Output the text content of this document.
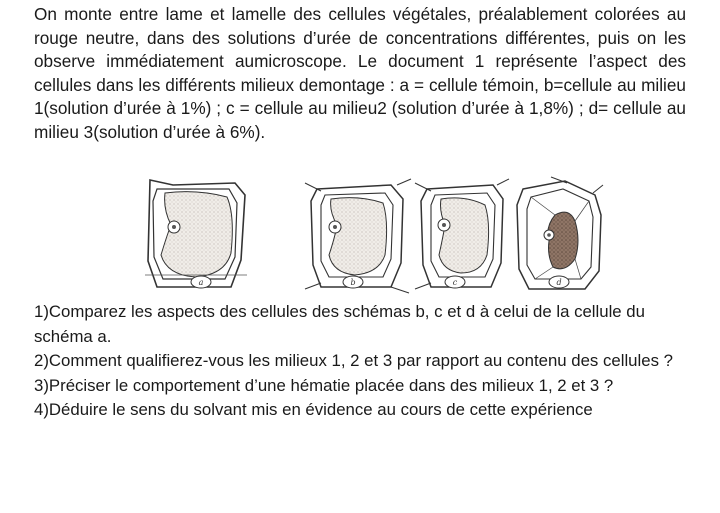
On monte entre lame et lamelle des cellules végétales, préalablement colorées au rouge neutre, dans des solutions d’urée de concentrations différentes, puis on les observe immédiatement aumicroscope. Le document 1 représente l’aspect des cellules dans les différents milieux demontage : a = cellule témoin, b=cellule au milieu 1(solution d’urée à 1%) ; c = cellule au milieu2 (solution d’urée à 1,8%) ; d= cellule au milieu 3(solution d’urée à 6%).

a	b	c	d

1)Comparez les aspects des cellules des schémas b, c et d à celui de la cellule du schéma a.

2)Comment qualifierez-vous les milieux 1, 2 et 3 par rapport au contenu des cellules ?

3)Préciser le comportement d’une hématie placée dans des milieux 1, 2 et 3 ?

4)Déduire le sens du solvant mis en évidence au cours de cette expérience
